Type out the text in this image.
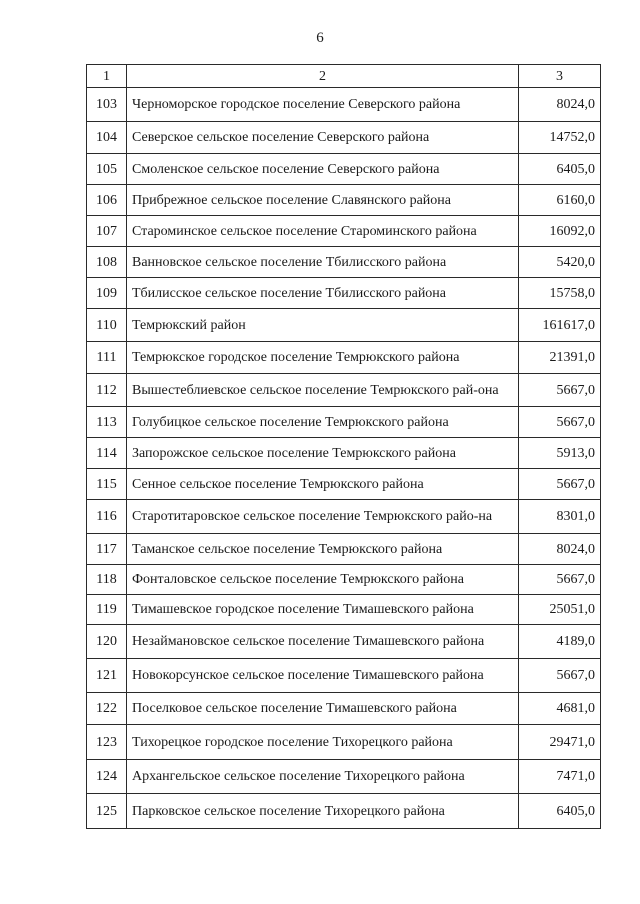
6
1	2	3
103	Черноморское городское поселение Северского района	8024,0
104	Северское сельское поселение Северского района	14752,0
105	Смоленское сельское поселение Северского района	6405,0
106	Прибрежное сельское поселение Славянского района	6160,0
107	Староминское сельское поселение Староминского района	16092,0
108	Ванновское сельское поселение Тбилисского района	5420,0
109	Тбилисское сельское поселение Тбилисского района	15758,0
110	Темрюкский район	161617,0
111	Темрюкское городское поселение Темрюкского района	21391,0
112	Вышестеблиевское сельское поселение Темрюкского рай-она	5667,0
113	Голубицкое сельское поселение Темрюкского района	5667,0
114	Запорожское сельское поселение Темрюкского района	5913,0
115	Сенное сельское поселение Темрюкского района	5667,0
116	Старотитаровское сельское поселение Темрюкского райо-на	8301,0
117	Таманское сельское поселение Темрюкского района	8024,0
118	Фонталовское сельское поселение Темрюкского района	5667,0
119	Тимашевское городское поселение Тимашевского района	25051,0
120	Незаймановское сельское поселение Тимашевского района	4189,0
121	Новокорсунское сельское поселение Тимашевского района	5667,0
122	Поселковое сельское поселение Тимашевского района	4681,0
123	Тихорецкое городское поселение Тихорецкого района	29471,0
124	Архангельское сельское поселение Тихорецкого района	7471,0
125	Парковское сельское поселение Тихорецкого района	6405,0
